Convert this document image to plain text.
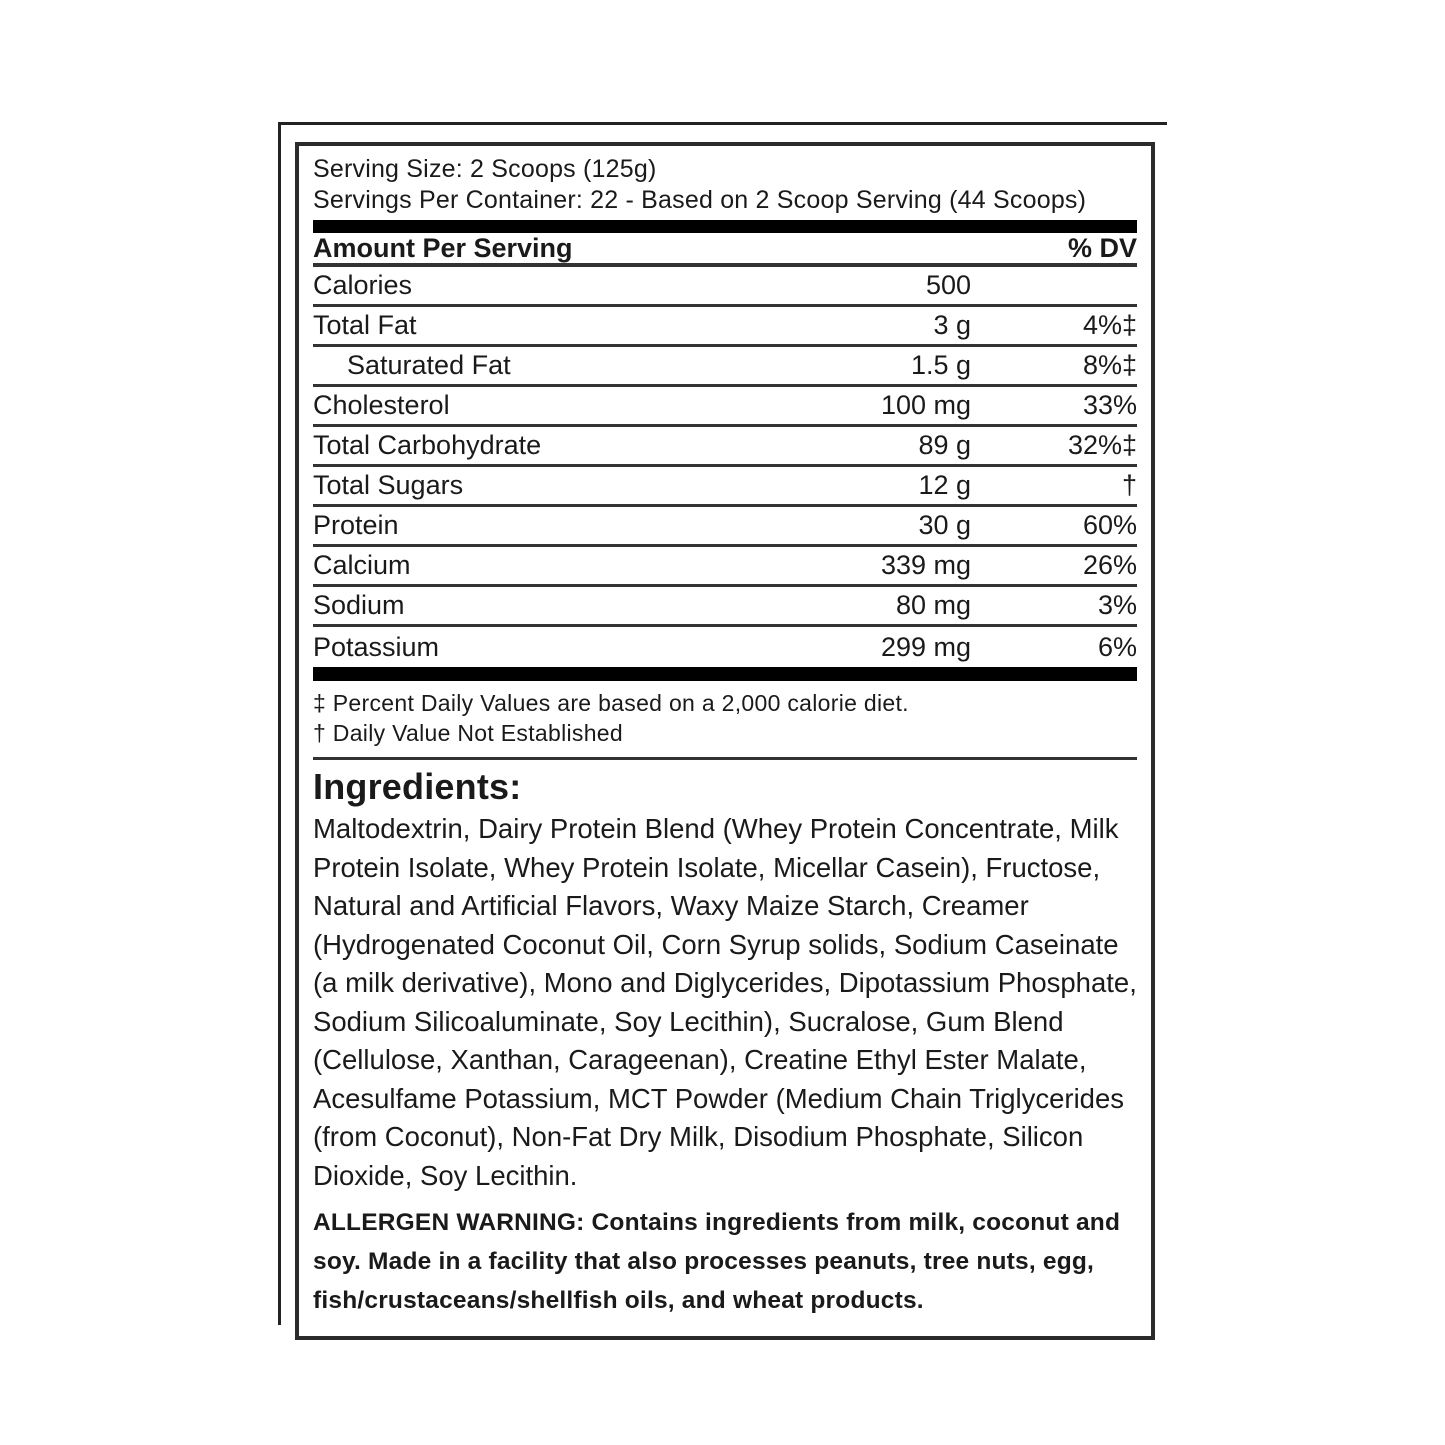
Serving Size: 2 Scoops (125g)
Servings Per Container: 22 - Based on 2 Scoop Serving (44 Scoops)
Amount Per Serving	% DV
Calories	500
Total Fat	3 g	4%‡
Saturated Fat	1.5 g	8%‡
Cholesterol	100 mg	33%
Total Carbohydrate	89 g	32%‡
Total Sugars	12 g	†
Protein	30 g	60%
Calcium	339 mg	26%
Sodium	80 mg	3%
Potassium	299 mg	6%
‡ Percent Daily Values are based on a 2,000 calorie diet.
† Daily Value Not Established
Ingredients:
Maltodextrin, Dairy Protein Blend (Whey Protein Concentrate, Milk Protein Isolate, Whey Protein Isolate, Micellar Casein), Fructose, Natural and Artificial Flavors, Waxy Maize Starch, Creamer (Hydrogenated Coconut Oil, Corn Syrup solids, Sodium Caseinate (a milk derivative), Mono and Diglycerides, Dipotassium Phosphate, Sodium Silicoaluminate, Soy Lecithin), Sucralose, Gum Blend (Cellulose, Xanthan, Carageenan), Creatine Ethyl Ester Malate, Acesulfame Potassium, MCT Powder (Medium Chain Triglycerides (from Coconut), Non-Fat Dry Milk, Disodium Phosphate, Silicon Dioxide, Soy Lecithin.
ALLERGEN WARNING: Contains ingredients from milk, coconut and soy. Made in a facility that also processes peanuts, tree nuts, egg, fish/crustaceans/shellfish oils, and wheat products.
